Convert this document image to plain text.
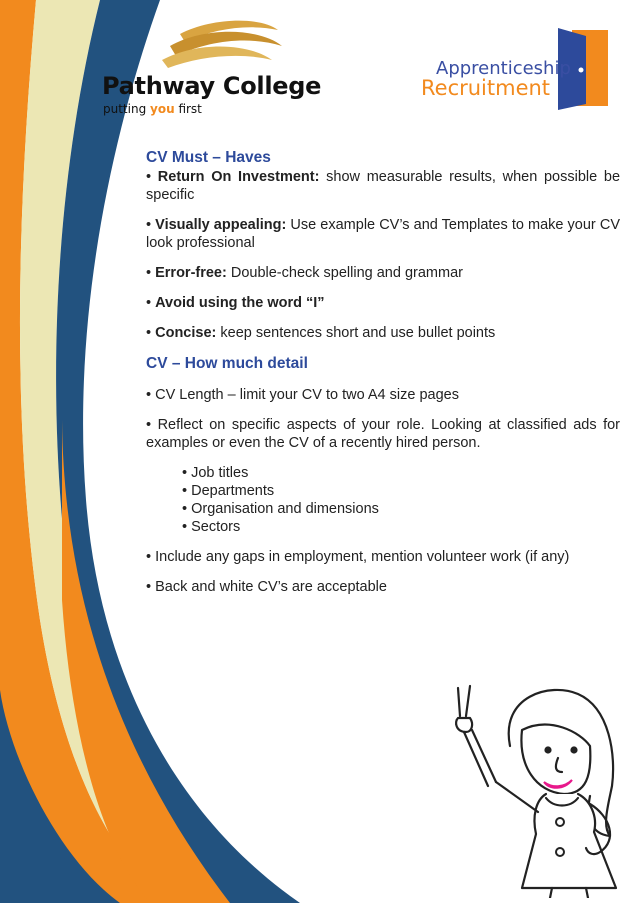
Pathway College
putting you first
Apprenticeship
Recruitment
CV Must – Haves

• Return On Investment: show measurable results, when possible be specific

• Visually appealing: Use example CV’s and Templates to make your CV look professional

• Error-free: Double-check spelling and grammar

• Avoid using the word “I”

• Concise: keep sentences short and use bullet points

CV – How much detail

• CV Length – limit your CV to two A4 size pages

• Reflect on specific aspects of your role. Looking at classified ads for examples or even the CV of a recently hired person.

• Job titles
• Departments
• Organisation and dimensions
• Sectors

• Include any gaps in employment, mention volunteer work (if any)

• Back and white CV’s are acceptable
